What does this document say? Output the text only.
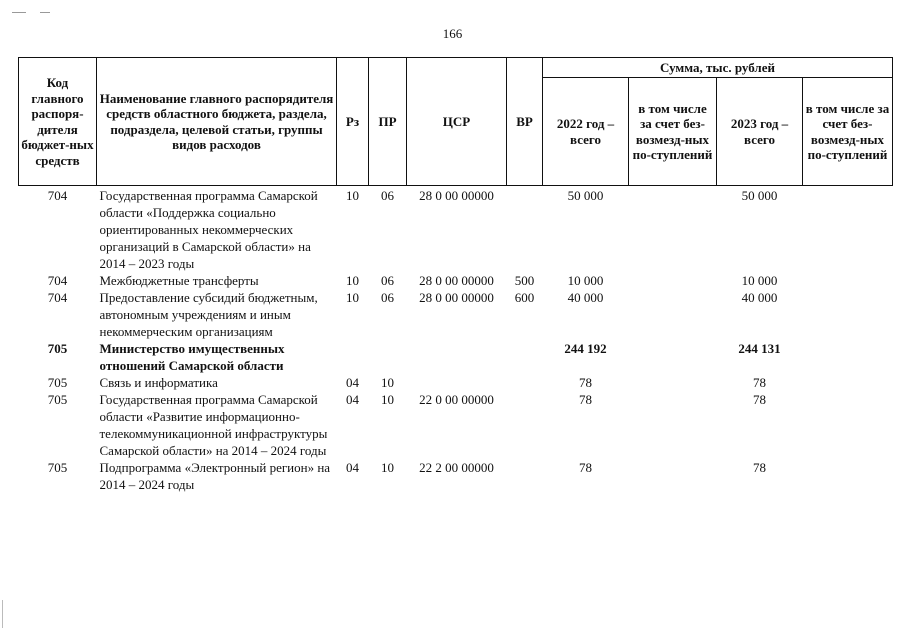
166
Код главного распоря-дителя бюджет-ных средств	Наименование главного распорядителя средств областного бюджета, раздела, подраздела, целевой статьи, группы видов расходов	Рз	ПР	ЦСР	ВР	Сумма, тыс. рублей			
						2022 год – всего	в том числе за счет без-возмезд-ных по-ступлений	2023 год – всего	в том числе за счет без-возмезд-ных по-ступлений
704	Государственная программа Самарской области «Поддержка социально ориентированных некоммерческих организаций в Самарской области» на 2014 – 2023 годы	10	06	28 0 00 00000		50 000		50 000	
704	Межбюджетные трансферты	10	06	28 0 00 00000	500	10 000		10 000	
704	Предоставление субсидий бюджетным, автономным учреждениям и иным некоммерческим организациям	10	06	28 0 00 00000	600	40 000		40 000	
705	Министерство имущественных отношений Самарской области					244 192		244 131	
705	Связь и информатика	04	10			78		78	
705	Государственная программа Самарской области «Развитие информационно-телекоммуникационной инфраструктуры Самарской области» на 2014 – 2024 годы	04	10	22 0 00 00000		78		78	
705	Подпрограмма «Электронный регион» на 2014 – 2024 годы	04	10	22 2 00 00000		78		78	
